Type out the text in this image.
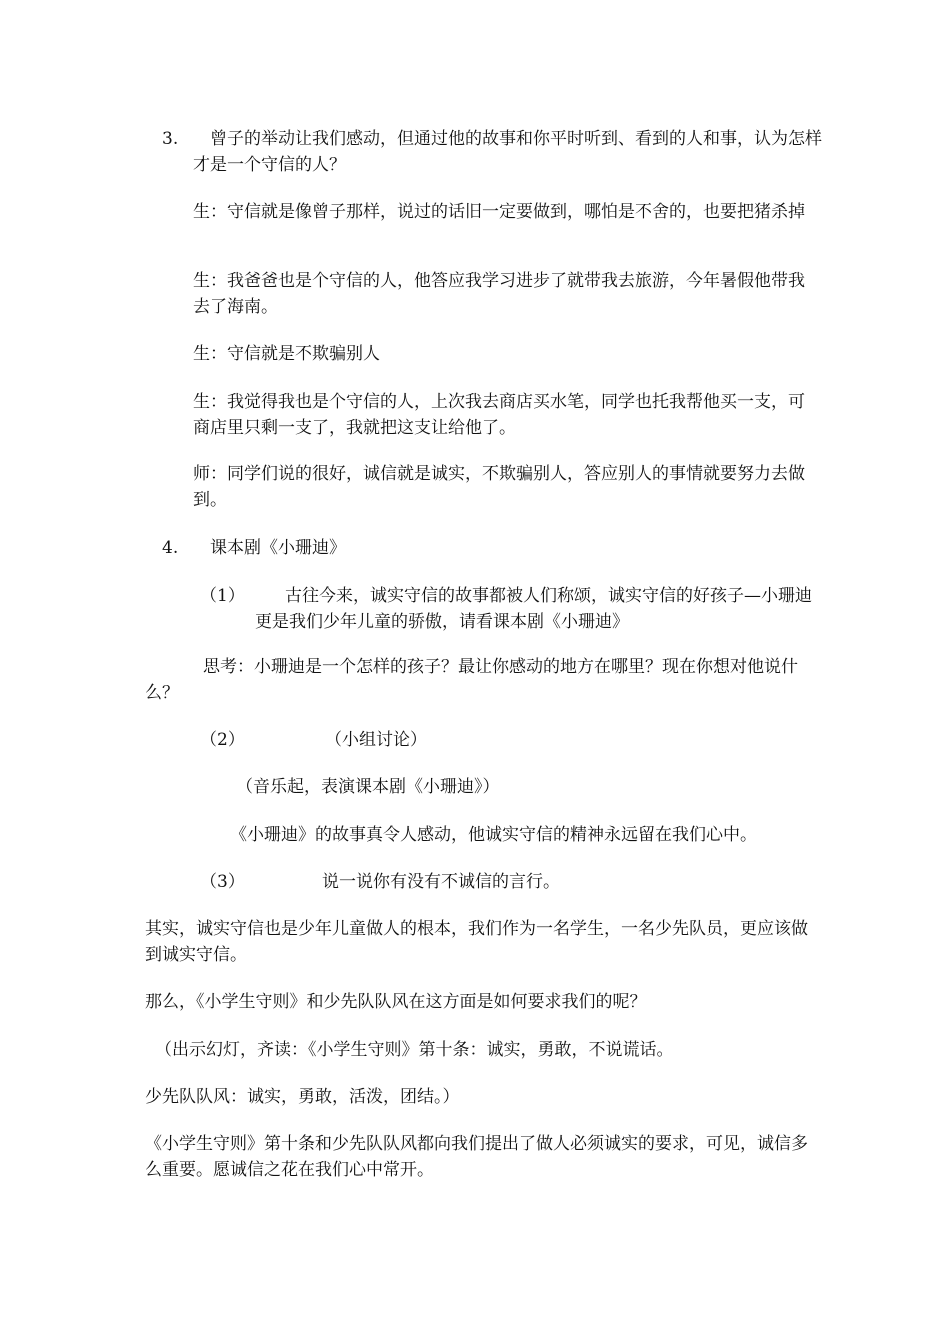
3.	曾子的举动让我们感动，但通过他的故事和你平时听到、看到的人和事，认为怎样才是一个守信的人？

生：守信就是像曾子那样，说过的话旧一定要做到，哪怕是不舍的，也要把猪杀掉

生：我爸爸也是个守信的人，他答应我学习进步了就带我去旅游，今年暑假他带我去了海南。

生：守信就是不欺骗别人

生：我觉得我也是个守信的人，上次我去商店买水笔，同学也托我帮他买一支，可商店里只剩一支了，我就把这支让给他了。

师：同学们说的很好，诚信就是诚实，不欺骗别人，答应别人的事情就要努力去做到。

4. 课本剧《小珊迪》
（1）	古往今来，诚实守信的故事都被人们称颂，诚实守信的好孩子—小珊迪更是我们少年儿童的骄傲，请看课本剧《小珊迪》

思考：小珊迪是一个怎样的孩子？最让你感动的地方在哪里？现在你想对他说什么？

（2）	（小组讨论）

（音乐起，表演课本剧《小珊迪》）

《小珊迪》的故事真令人感动，他诚实守信的精神永远留在我们心中。

（3）	说一说你有没有不诚信的言行。

其实，诚实守信也是少年儿童做人的根本，我们作为一名学生，一名少先队员，更应该做到诚实守信。

那么，《小学生守则》和少先队队风在这方面是如何要求我们的呢？

（出示幻灯，齐读：《小学生守则》第十条：诚实，勇敢，不说谎话。

少先队队风：诚实，勇敢，活泼，团结。）

《小学生守则》第十条和少先队队风都向我们提出了做人必须诚实的要求，可见，诚信多么重要。愿诚信之花在我们心中常开。
